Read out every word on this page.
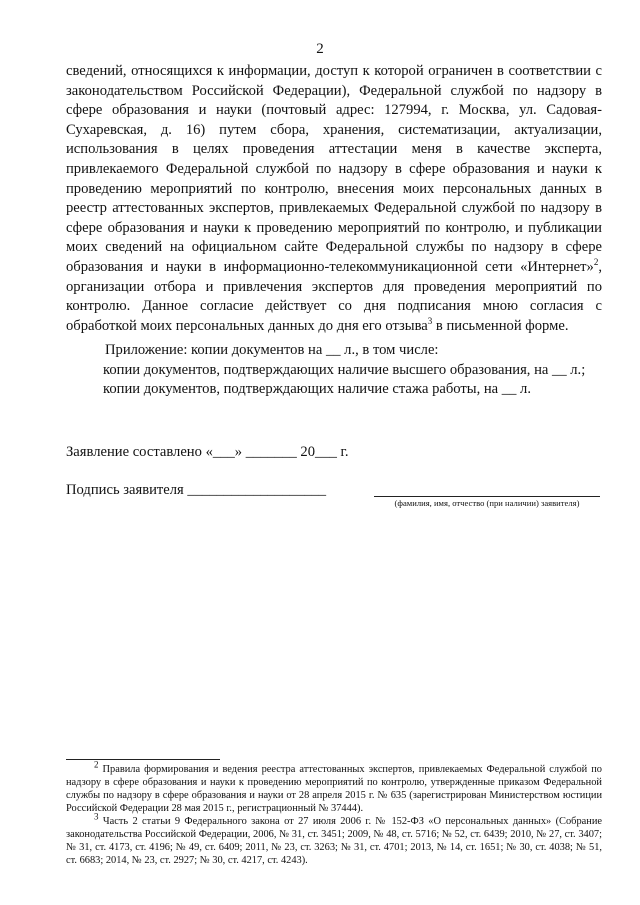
2
сведений, относящихся к информации, доступ к которой ограничен в соответствии с законодательством Российской Федерации), Федеральной службой по надзору в сфере образования и науки (почтовый адрес: 127994, г. Москва, ул. Садовая-Сухаревская, д. 16) путем сбора, хранения, систематизации, актуализации, использования в целях проведения аттестации меня в качестве эксперта, привлекаемого Федеральной службой по надзору в сфере образования и науки к проведению мероприятий по контролю, внесения моих персональных данных в реестр аттестованных экспертов, привлекаемых Федеральной службой по надзору в сфере образования и науки к проведению мероприятий по контролю, и публикации моих сведений на официальном сайте Федеральной службы по надзору в сфере образования и науки в информационно-телекоммуникационной сети «Интернет»$^2$, организации отбора и привлечения экспертов для проведения мероприятий по контролю. Данное согласие действует со дня подписания мною согласия с обработкой моих персональных данных до дня его отзыва$^3$ в письменной форме.
Приложение: копии документов на __ л., в том числе:
копии документов, подтверждающих наличие высшего образования, на __ л.;
копии документов, подтверждающих наличие стажа работы, на __ л.
Заявление составлено «___» _______ 20___ г.
Подпись заявителя ___________________
(фамилия, имя, отчество (при наличии) заявителя)

$^2$ Правила формирования и ведения реестра аттестованных экспертов, привлекаемых Федеральной службой по надзору в сфере образования и науки к проведению мероприятий по контролю, утвержденные приказом Федеральной службы по надзору в сфере образования и науки от 28 апреля 2015 г. № 635 (зарегистрирован Министерством юстиции Российской Федерации 28 мая 2015 г., регистрационный № 37444).

$^3$ Часть 2 статьи 9 Федерального закона от 27 июля 2006 г. № 152-ФЗ «О персональных данных» (Собрание законодательства Российской Федерации, 2006, № 31, ст. 3451; 2009, № 48, ст. 5716; № 52, ст. 6439; 2010, № 27, ст. 3407; № 31, ст. 4173, ст. 4196; № 49, ст. 6409; 2011, № 23, ст. 3263; № 31, ст. 4701; 2013, № 14, ст. 1651; № 30, ст. 4038; № 51, ст. 6683; 2014, № 23, ст. 2927; № 30, ст. 4217, ст. 4243).
